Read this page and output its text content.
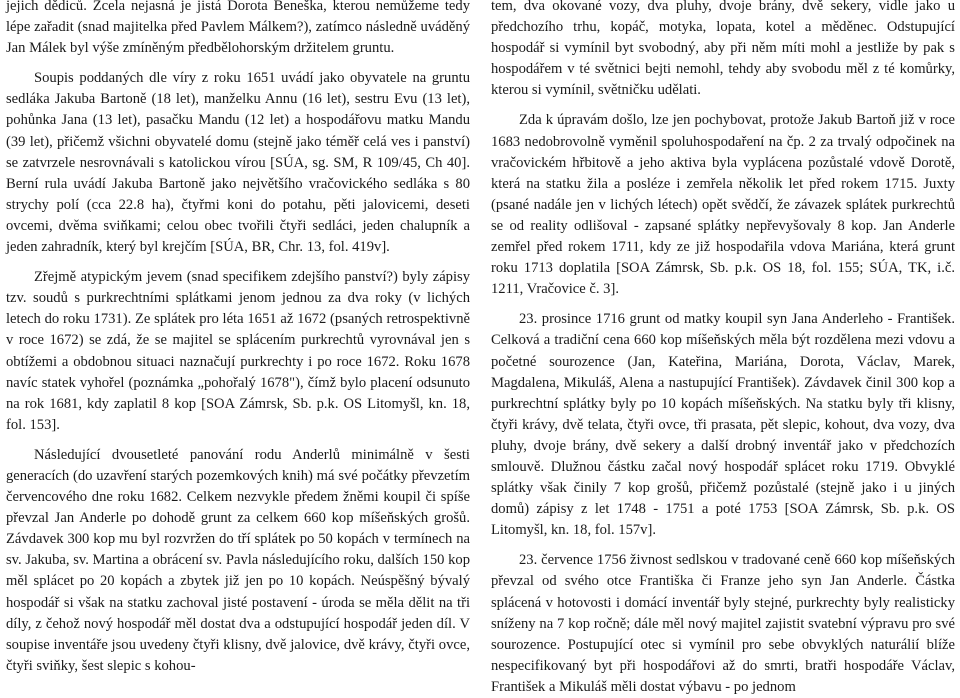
jejich dědiců. Zcela nejasná je jistá Dorota Beneška, kterou nemůžeme tedy lépe zařadit (snad majitelka před Pavlem Málkem?), zatímco následně uváděný Jan Málek byl výše zmíněným předbělohorským držitelem gruntu.

Soupis poddaných dle víry z roku 1651 uvádí jako obyvatele na gruntu sedláka Jakuba Bartoně (18 let), manželku Annu (16 let), sestru Evu (13 let), pohůnka Jana (13 let), pasačku Mandu (12 let) a hospodářovu matku Mandu (39 let), přičemž všichni obyvatelé domu (stejně jako téměř celá ves i panství) se zatvrzele nesrovnávali s katolickou vírou [SÚA, sg. SM, R 109/45, Ch 40]. Berní rula uvádí Jakuba Bartoně jako největšího vračovického sedláka s 80 strychy polí (cca 22.8 ha), čtyřmi koni do potahu, pěti jalovicemi, deseti ovcemi, dvěma sviňkami; celou obec tvořili čtyři sedláci, jeden chalupník a jeden zahradník, který byl krejčím [SÚA, BR, Chr. 13, fol. 419v].

Zřejmě atypickým jevem (snad specifikem zdejšího panství?) byly zápisy tzv. soudů s purkrechtními splátkami jenom jednou za dva roky (v lichých letech do roku 1731). Ze splátek pro léta 1651 až 1672 (psaných retrospektivně v roce 1672) se zdá, že se majitel se splácením purkrechtů vyrovnával jen s obtížemi a obdobnou situaci naznačují purkrechty i po roce 1672. Roku 1678 navíc statek vyhořel (poznámka „pohořalý 1678"), čímž bylo placení odsunuto na rok 1681, kdy zaplatil 8 kop [SOA Zámrsk, Sb. p.k. OS Litomyšl, kn. 18, fol. 153].

Následující dvousetleté panování rodu Anderlů minimálně v šesti generacích (do uzavření starých pozemkových knih) má své počátky převzetím červencového dne roku 1682. Celkem nezvykle předem žněmi koupil či spíše převzal Jan Anderle po dohodě grunt za celkem 660 kop míšeňských grošů. Závdavek 300 kop mu byl rozvržen do tří splátek po 50 kopách v termínech na sv. Jakuba, sv. Martina a obrácení sv. Pavla následujícího roku, dalších 150 kop měl splácet po 20 kopách a zbytek již jen po 10 kopách. Neúspěšný bývalý hospodář si však na statku zachoval jisté postavení - úroda se měla dělit na tři díly, z čehož nový hospodář měl dostat dva a odstupující hospodář jeden díl. V soupise inventáře jsou uvedeny čtyři klisny, dvě jalovice, dvě krávy, čtyři ovce, čtyři sviňky, šest slepic s kohou-

tem, dva okované vozy, dva pluhy, dvoje brány, dvě sekery, vidle jako u předchozího trhu, kopáč, motyka, lopata, kotel a měděnec. Odstupující hospodář si vymínil byt svobodný, aby při něm míti mohl a jestliže by pak s hospodářem v té světnici bejti nemohl, tehdy aby svobodu měl z té komůrky, kterou si vymínil, světničku udělati.

Zda k úpravám došlo, lze jen pochybovat, protože Jakub Bartoň již v roce 1683 nedobrovolně vyměnil spoluhospodaření na čp. 2 za trvalý odpočinek na vračovickém hřbitově a jeho aktiva byla vyplácena pozůstalé vdově Dorotě, která na statku žila a posléze i zemřela několik let před rokem 1715. Juxty (psané nadále jen v lichých létech) opět svědčí, že závazek splátek purkrechtů se od reality odlišoval - zapsané splátky nepřevyšovaly 8 kop. Jan Anderle zemřel před rokem 1711, kdy ze již hospodařila vdova Mariána, která grunt roku 1713 doplatila [SOA Zámrsk, Sb. p.k. OS 18, fol. 155; SÚA, TK, i.č. 1211, Vračovice č. 3].

23. prosince 1716 grunt od matky koupil syn Jana Anderleho - František. Celková a tradiční cena 660 kop míšeňských měla být rozdělena mezi vdovu a početné sourozence (Jan, Kateřina, Mariána, Dorota, Václav, Marek, Magdalena, Mikuláš, Alena a nastupující František). Závdavek činil 300 kop a purkrechtní splátky byly po 10 kopách míšeňských. Na statku byly tři klisny, čtyři krávy, dvě telata, čtyři ovce, tři prasata, pět slepic, kohout, dva vozy, dva pluhy, dvoje brány, dvě sekery a další drobný inventář jako v předchozích smlouvě. Dlužnou částku začal nový hospodář splácet roku 1719. Obvyklé splátky však činily 7 kop grošů, přičemž pozůstalé (stejně jako i u jiných domů) zápisy z let 1748 - 1751 a poté 1753 [SOA Zámrsk, Sb. p.k. OS Litomyšl, kn. 18, fol. 157v].

23. července 1756 živnost sedlskou v tradované ceně 660 kop míšeňských převzal od svého otce Františka či Franze jeho syn Jan Anderle. Částka splácená v hotovosti i domácí inventář byly stejné, purkrechty byly realisticky sníženy na 7 kop ročně; dále měl nový majitel zajistit svatební výpravu pro své sourozence. Postupující otec si vymínil pro sebe obvyklých naturálií blíže nespecifikovaný byt při hospodářovi až do smrti, bratři hospodáře Václav, František a Mikuláš měli dostat výbavu - po jednom
